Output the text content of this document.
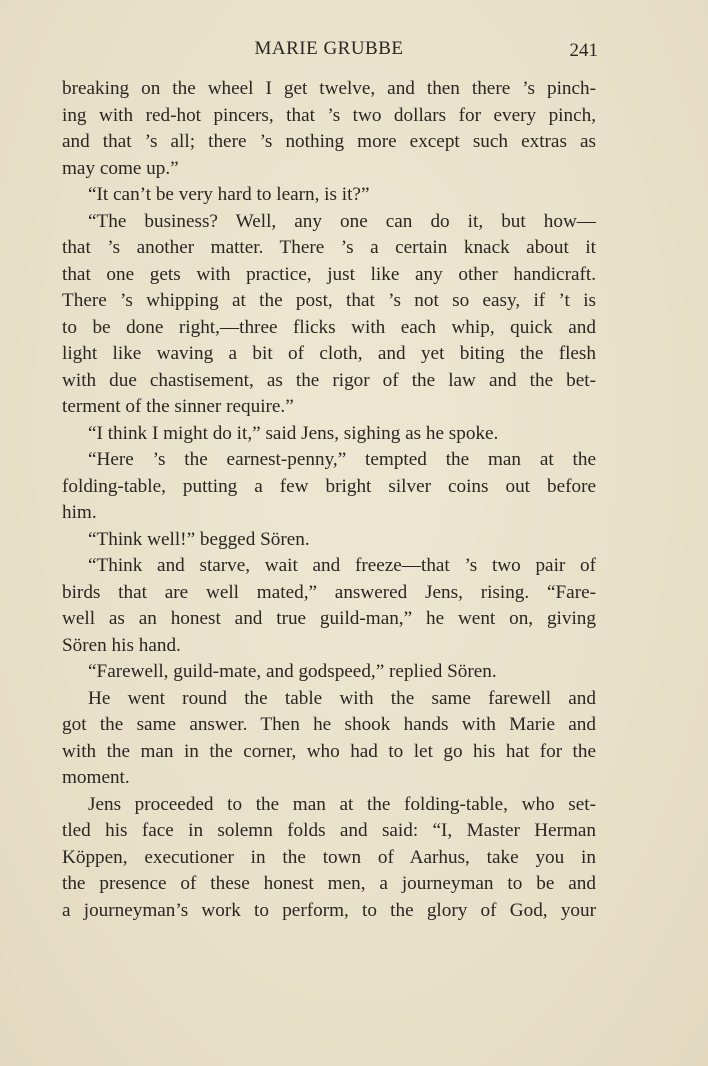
MARIE GRUBBE	241
breaking on the wheel I get twelve, and then there ’s pinch-
ing with red-hot pincers, that ’s two dollars for every pinch,
and that ’s all; there ’s nothing more except such extras as
may come up.”
“It can’t be very hard to learn, is it?”
“The business? Well, any one can do it, but how—
that ’s another matter. There ’s a certain knack about it
that one gets with practice, just like any other handicraft.
There ’s whipping at the post, that ’s not so easy, if ’t is
to be done right,—three flicks with each whip, quick and
light like waving a bit of cloth, and yet biting the flesh
with due chastisement, as the rigor of the law and the bet-
terment of the sinner require.”
“I think I might do it,” said Jens, sighing as he spoke.
“Here ’s the earnest-penny,” tempted the man at the
folding-table, putting a few bright silver coins out before
him.
“Think well!” begged Sören.
“Think and starve, wait and freeze—that ’s two pair of
birds that are well mated,” answered Jens, rising. “Fare-
well as an honest and true guild-man,” he went on, giving
Sören his hand.
“Farewell, guild-mate, and godspeed,” replied Sören.
He went round the table with the same farewell and
got the same answer. Then he shook hands with Marie and
with the man in the corner, who had to let go his hat for the
moment.
Jens proceeded to the man at the folding-table, who set-
tled his face in solemn folds and said: “I, Master Herman
Köppen, executioner in the town of Aarhus, take you in
the presence of these honest men, a journeyman to be and
a journeyman’s work to perform, to the glory of God, your
